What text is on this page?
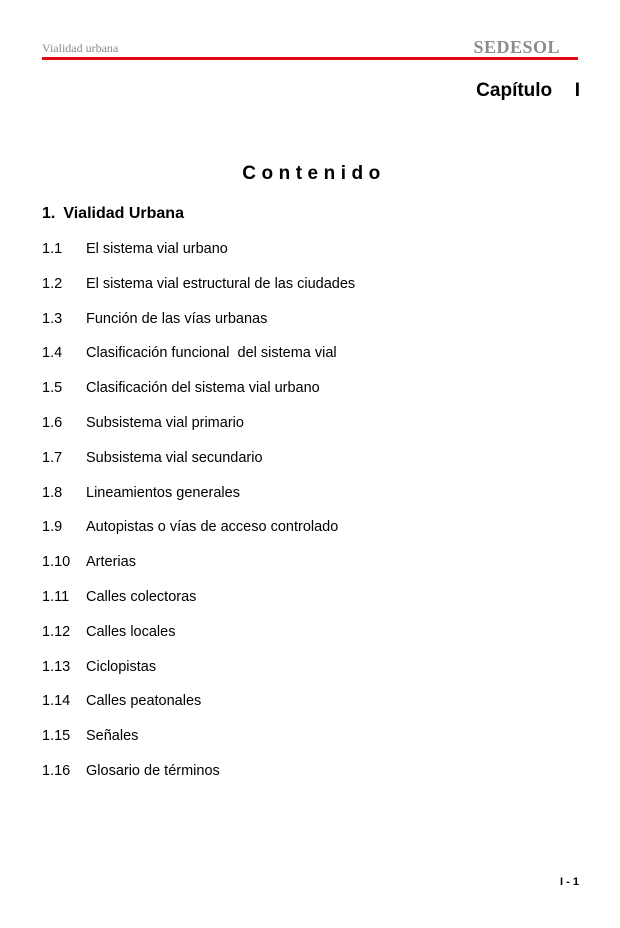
Vialidad urbana	SEDESOL
Capítulo  I
Contenido
1. Vialidad Urbana
1.1	El sistema vial urbano
1.2	El sistema vial estructural de las ciudades
1.3	Función de las vías urbanas
1.4	Clasificación funcional  del sistema vial
1.5	Clasificación del sistema vial urbano
1.6	Subsistema vial primario
1.7	Subsistema vial secundario
1.8	Lineamientos generales
1.9	Autopistas o vías de acceso controlado
1.10	Arterias
1.11	Calles colectoras
1.12	Calles locales
1.13	Ciclopistas
1.14	Calles peatonales
1.15	Señales
1.16	Glosario de términos
I - 1
